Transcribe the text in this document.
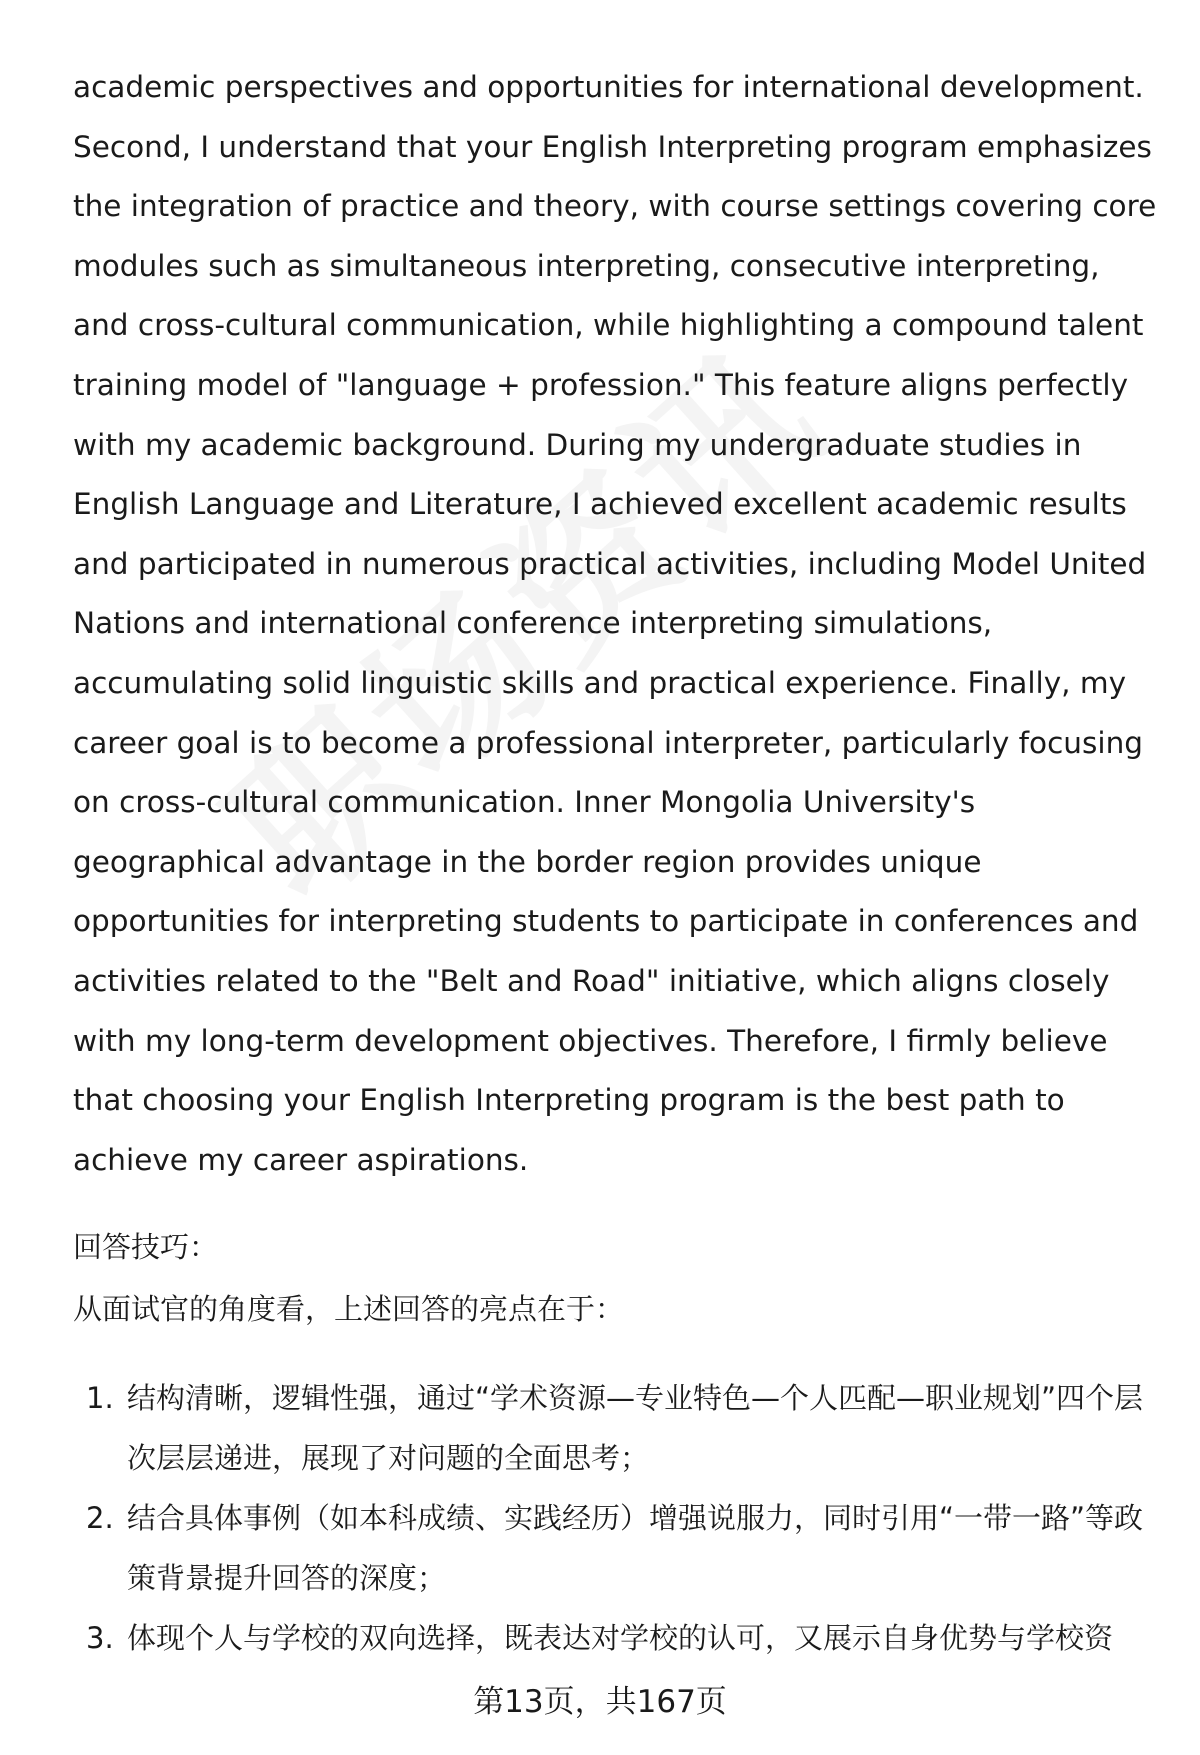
academic perspectives and opportunities for international development. Second, I understand that your English Interpreting program emphasizes the integration of practice and theory, with course settings covering core modules such as simultaneous interpreting, consecutive interpreting, and cross-cultural communication, while highlighting a compound talent training model of "language + profession." This feature aligns perfectly with my academic background. During my undergraduate studies in English Language and Literature, I achieved excellent academic results and participated in numerous practical activities, including Model United Nations and international conference interpreting simulations, accumulating solid linguistic skills and practical experience. Finally, my career goal is to become a professional interpreter, particularly focusing on cross-cultural communication. Inner Mongolia University's geographical advantage in the border region provides unique opportunities for interpreting students to participate in conferences and activities related to the "Belt and Road" initiative, which aligns closely with my long-term development objectives. Therefore, I firmly believe that choosing your English Interpreting program is the best path to achieve my career aspirations.

回答技巧：

从面试官的角度看，上述回答的亮点在于：

1. 结构清晰，逻辑性强，通过“学术资源—专业特色—个人匹配—职业规划”四个层次层层递进，展现了对问题的全面思考；
2. 结合具体事例（如本科成绩、实践经历）增强说服力，同时引用“一带一路”等政策背景提升回答的深度；
3. 体现个人与学校的双向选择，既表达对学校的认可，又展示自身优势与学校资
第13页，共167页
